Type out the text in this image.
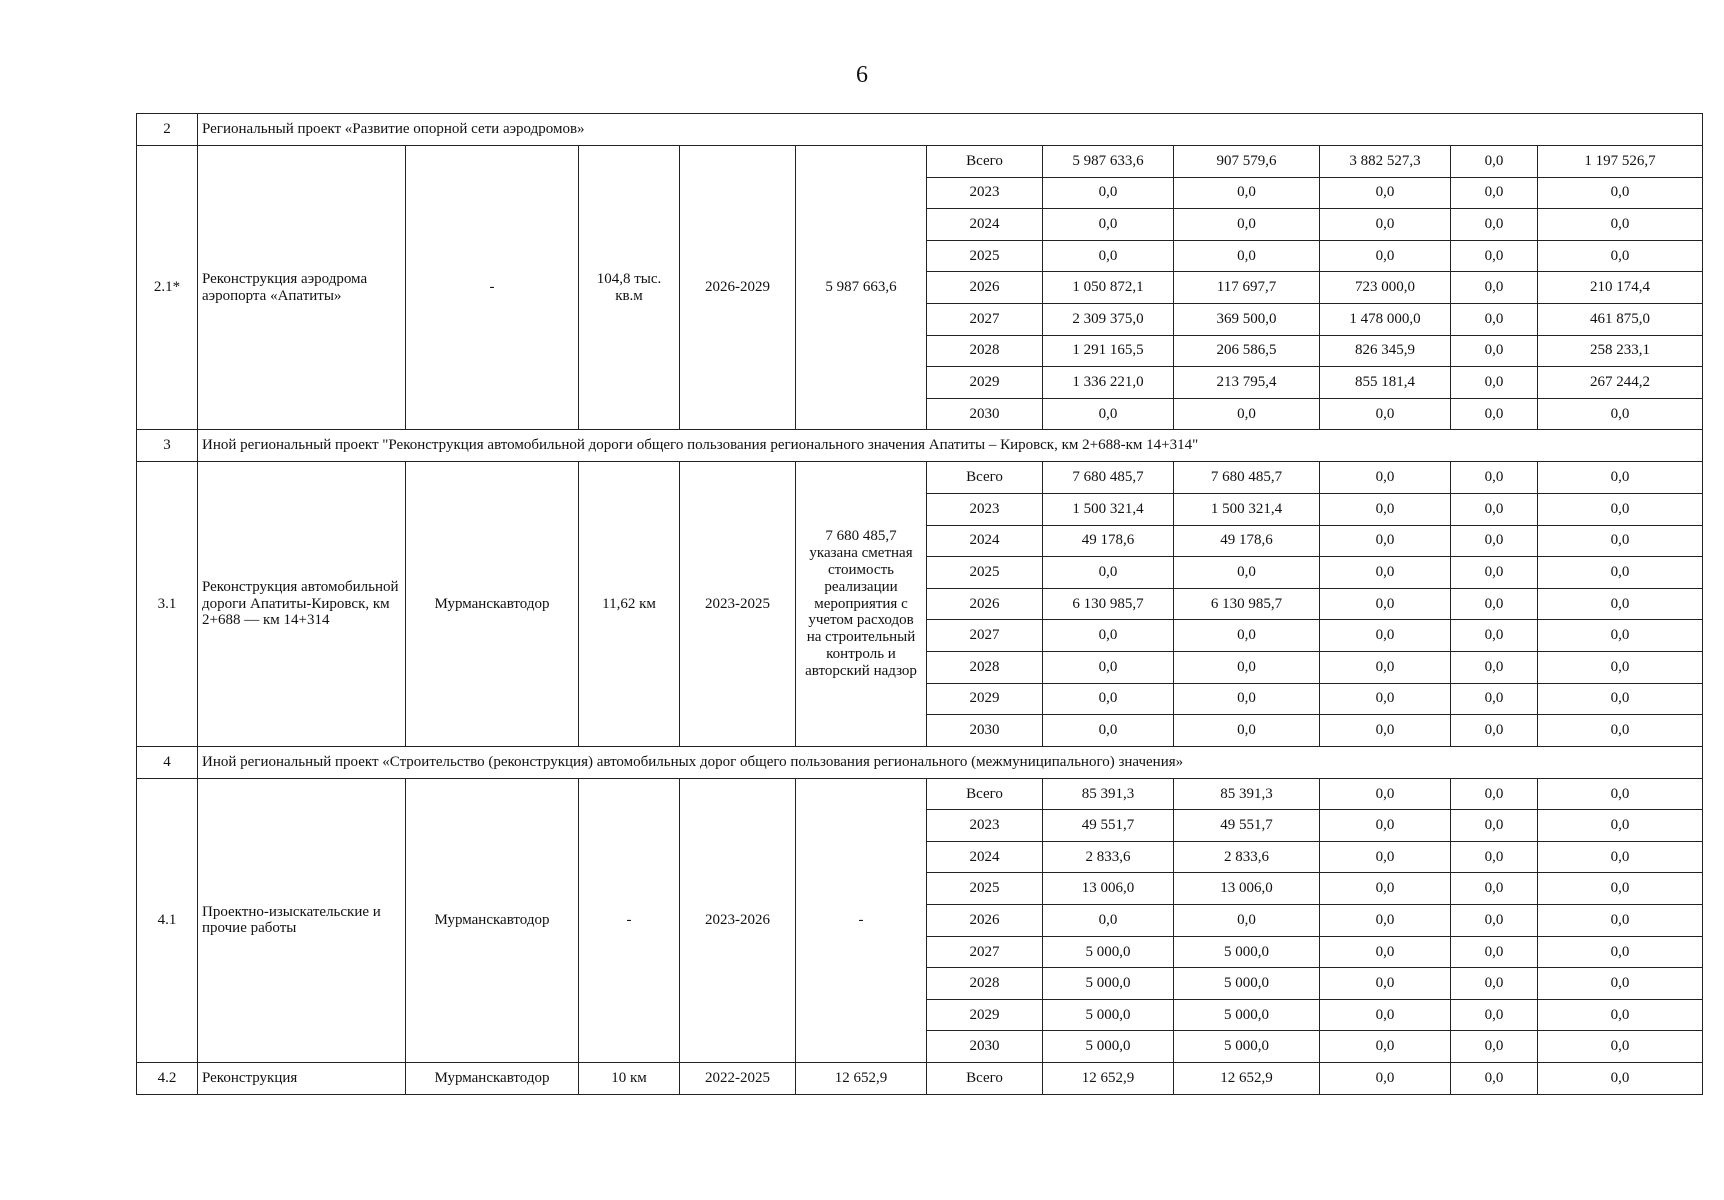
6
2	Региональный проект «Развитие опорной сети аэродромов»										
2.1*	Реконструкция аэродрома аэропорта «Апатиты»	-	104,8 тыс. кв.м	2026-2029	5 987 663,6	Всего	5 987 633,6	907 579,6	3 882 527,3	0,0	1 197 526,7
						2023	0,0	0,0	0,0	0,0	0,0
						2024	0,0	0,0	0,0	0,0	0,0
						2025	0,0	0,0	0,0	0,0	0,0
						2026	1 050 872,1	117 697,7	723 000,0	0,0	210 174,4
						2027	2 309 375,0	369 500,0	1 478 000,0	0,0	461 875,0
						2028	1 291 165,5	206 586,5	826 345,9	0,0	258 233,1
						2029	1 336 221,0	213 795,4	855 181,4	0,0	267 244,2
						2030	0,0	0,0	0,0	0,0	0,0
3	Иной региональный проект "Реконструкция автомобильной дороги общего пользования регионального значения Апатиты – Кировск, км 2+688-км 14+314"										
3.1	Реконструкция автомобильной дороги Апатиты-Кировск, км 2+688 — км 14+314	Мурманскавтодор	11,62 км	2023-2025	7 680 485,7 указана сметная стоимость реализации мероприятия с учетом расходов на строительный контроль и авторский надзор	Всего	7 680 485,7	7 680 485,7	0,0	0,0	0,0
						2023	1 500 321,4	1 500 321,4	0,0	0,0	0,0
						2024	49 178,6	49 178,6	0,0	0,0	0,0
						2025	0,0	0,0	0,0	0,0	0,0
						2026	6 130 985,7	6 130 985,7	0,0	0,0	0,0
						2027	0,0	0,0	0,0	0,0	0,0
						2028	0,0	0,0	0,0	0,0	0,0
						2029	0,0	0,0	0,0	0,0	0,0
						2030	0,0	0,0	0,0	0,0	0,0
4	Иной региональный проект «Строительство (реконструкция) автомобильных дорог общего пользования регионального (межмуниципального) значения»										
4.1	Проектно-изыскательские и прочие работы	Мурманскавтодор	-	2023-2026	-	Всего	85 391,3	85 391,3	0,0	0,0	0,0
						2023	49 551,7	49 551,7	0,0	0,0	0,0
						2024	2 833,6	2 833,6	0,0	0,0	0,0
						2025	13 006,0	13 006,0	0,0	0,0	0,0
						2026	0,0	0,0	0,0	0,0	0,0
						2027	5 000,0	5 000,0	0,0	0,0	0,0
						2028	5 000,0	5 000,0	0,0	0,0	0,0
						2029	5 000,0	5 000,0	0,0	0,0	0,0
						2030	5 000,0	5 000,0	0,0	0,0	0,0
4.2	Реконструкция	Мурманскавтодор	10 км	2022-2025	12 652,9	Всего	12 652,9	12 652,9	0,0	0,0	0,0
